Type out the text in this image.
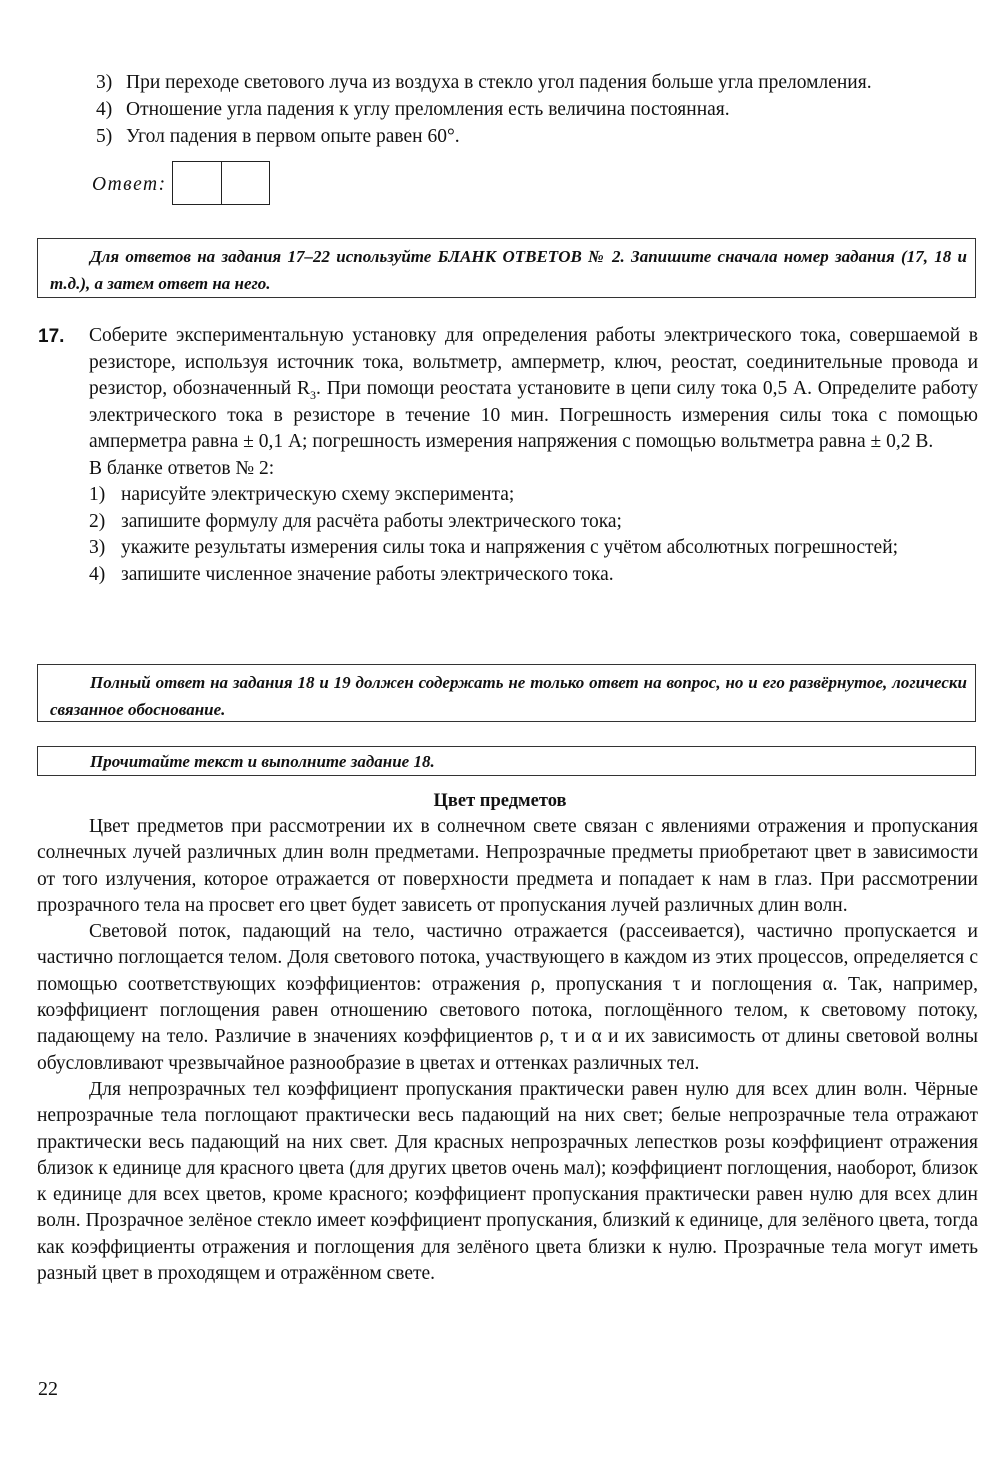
3) При переходе светового луча из воздуха в стекло угол падения больше угла преломления.
4) Отношение угла падения к углу преломления есть величина постоянная.
5) Угол падения в первом опыте равен 60°.
Ответ:
Для ответов на задания 17–22 используйте БЛАНК ОТВЕТОВ № 2. Запишите сначала номер задания (17, 18 и т.д.), а затем ответ на него.
17. Соберите экспериментальную установку для определения работы электрического тока, совершаемой в резисторе, используя источник тока, вольтметр, амперметр, ключ, реостат, соединительные провода и резистор, обозначенный $R_3$. При помощи реостата установите в цепи силу тока 0,5 А. Определите работу электрического тока в резисторе в течение 10 мин. Погрешность измерения силы тока с помощью амперметра равна ± 0,1 А; погрешность измерения напряжения с помощью вольтметра равна ± 0,2 В.

В бланке ответов № 2:

1) нарисуйте электрическую схему эксперимента;
2) запишите формулу для расчёта работы электрического тока;
3) укажите результаты измерения силы тока и напряжения с учётом абсолютных погрешностей;
4) запишите численное значение работы электрического тока.
Полный ответ на задания 18 и 19 должен содержать не только ответ на вопрос, но и его развёрнутое, логически связанное обоснование.
Прочитайте текст и выполните задание 18.
Цвет предметов

Цвет предметов при рассмотрении их в солнечном свете связан с явлениями отражения и пропускания солнечных лучей различных длин волн предметами. Непрозрачные предметы приобретают цвет в зависимости от того излучения, которое отражается от поверхности предмета и попадает к нам в глаз. При рассмотрении прозрачного тела на просвет его цвет будет зависеть от пропускания лучей различных длин волн.

Световой поток, падающий на тело, частично отражается (рассеивается), частично пропускается и частично поглощается телом. Доля светового потока, участвующего в каждом из этих процессов, определяется с помощью соответствующих коэффициентов: отражения ρ, пропускания τ и поглощения α. Так, например, коэффициент поглощения равен отношению светового потока, поглощённого телом, к световому потоку, падающему на тело. Различие в значениях коэффициентов ρ, τ и α и их зависимость от длины световой волны обусловливают чрезвычайное разнообразие в цветах и оттенках различных тел.

Для непрозрачных тел коэффициент пропускания практически равен нулю для всех длин волн. Чёрные непрозрачные тела поглощают практически весь падающий на них свет; белые непрозрачные тела отражают практически весь падающий на них свет. Для красных непрозрачных лепестков розы коэффициент отражения близок к единице для красного цвета (для других цветов очень мал); коэффициент поглощения, наоборот, близок к единице для всех цветов, кроме красного; коэффициент пропускания практически равен нулю для всех длин волн. Прозрачное зелёное стекло имеет коэффициент пропускания, близкий к единице, для зелёного цвета, тогда как коэффициенты отражения и поглощения для зелёного цвета близки к нулю. Прозрачные тела могут иметь разный цвет в проходящем и отражённом свете.

22
